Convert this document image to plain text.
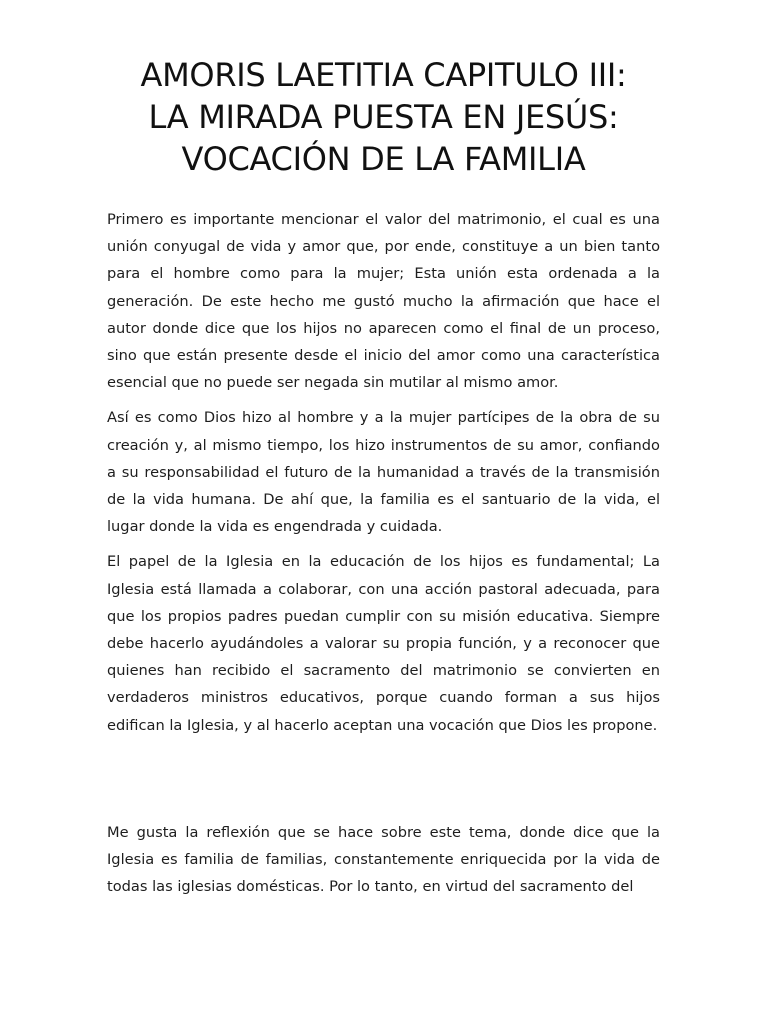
AMORIS LAETITIA CAPITULO III:
LA MIRADA PUESTA EN JESÚS:
VOCACIÓN DE LA FAMILIA

Primero es importante mencionar el valor del matrimonio, el cual es una unión conyugal de vida y amor que, por ende, constituye a un bien tanto para el hombre como para la mujer; Esta unión esta ordenada a la generación. De este hecho me gustó mucho la afirmación que hace el autor donde dice que los hijos no aparecen como el final de un proceso, sino que están presente desde el inicio del amor como una característica esencial que no puede ser negada sin mutilar al mismo amor.

Así es como Dios hizo al hombre y a la mujer partícipes de la obra de su creación y, al mismo tiempo, los hizo instrumentos de su amor, confiando a su responsabilidad el futuro de la humanidad a través de la transmisión de la vida humana. De ahí que, la familia es el santuario de la vida, el lugar donde la vida es engendrada y cuidada.

El papel de la Iglesia en la educación de los hijos es fundamental; La Iglesia está llamada a colaborar, con una acción pastoral adecuada, para que los propios padres puedan cumplir con su misión educativa. Siempre debe hacerlo ayudándoles a valorar su propia función, y a reconocer que quienes han recibido el sacramento del matrimonio se convierten en verdaderos ministros educativos, porque cuando forman a sus hijos edifican la Iglesia, y al hacerlo aceptan una vocación que Dios les propone.

Me gusta la reflexión que se hace sobre este tema, donde dice que la Iglesia es familia de familias, constantemente enriquecida por la vida de todas las iglesias domésticas. Por lo tanto, en virtud del sacramento del
